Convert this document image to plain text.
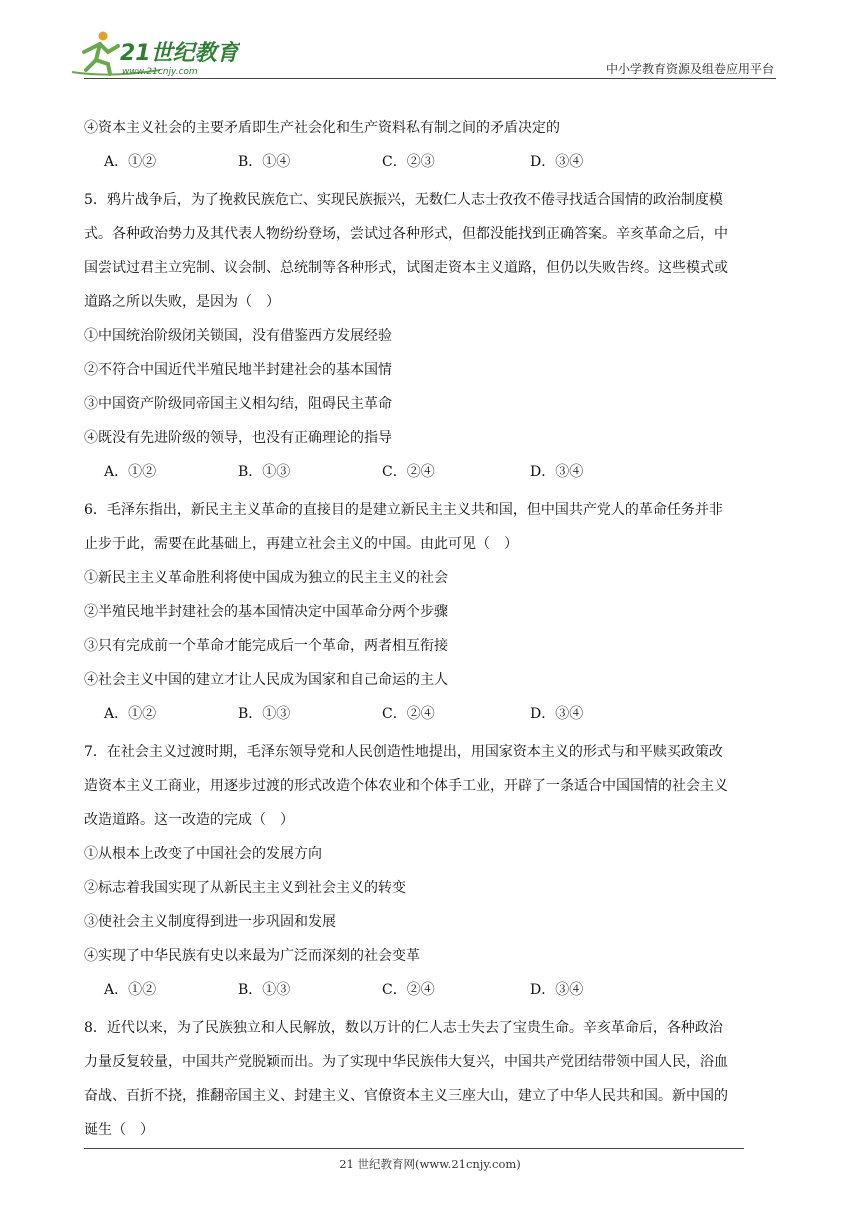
21世纪教育
www.21cnjy.com	中小学教育资源及组卷应用平台
④资本主义社会的主要矛盾即生产社会化和生产资料私有制之间的矛盾决定的
A．①②	B．①④	C．②③	D．③④
5．鸦片战争后，为了挽救民族危亡、实现民族振兴，无数仁人志士孜孜不倦寻找适合国情的政治制度模
式。各种政治势力及其代表人物纷纷登场，尝试过各种形式，但都没能找到正确答案。辛亥革命之后，中
国尝试过君主立宪制、议会制、总统制等各种形式，试图走资本主义道路，但仍以失败告终。这些模式或
道路之所以失败，是因为（　）
①中国统治阶级闭关锁国，没有借鉴西方发展经验
②不符合中国近代半殖民地半封建社会的基本国情
③中国资产阶级同帝国主义相勾结，阻碍民主革命
④既没有先进阶级的领导，也没有正确理论的指导
A．①②	B．①③	C．②④	D．③④
6．毛泽东指出，新民主主义革命的直接目的是建立新民主主义共和国，但中国共产党人的革命任务并非
止步于此，需要在此基础上，再建立社会主义的中国。由此可见（　）
①新民主主义革命胜利将使中国成为独立的民主主义的社会
②半殖民地半封建社会的基本国情决定中国革命分两个步骤
③只有完成前一个革命才能完成后一个革命，两者相互衔接
④社会主义中国的建立才让人民成为国家和自己命运的主人
A．①②	B．①③	C．②④	D．③④
7．在社会主义过渡时期，毛泽东领导党和人民创造性地提出，用国家资本主义的形式与和平赎买政策改
造资本主义工商业，用逐步过渡的形式改造个体农业和个体手工业，开辟了一条适合中国国情的社会主义
改造道路。这一改造的完成（　）
①从根本上改变了中国社会的发展方向
②标志着我国实现了从新民主主义到社会主义的转变
③使社会主义制度得到进一步巩固和发展
④实现了中华民族有史以来最为广泛而深刻的社会变革
A．①②	B．①③	C．②④	D．③④
8．近代以来，为了民族独立和人民解放，数以万计的仁人志士失去了宝贵生命。辛亥革命后，各种政治
力量反复较量，中国共产党脱颖而出。为了实现中华民族伟大复兴，中国共产党团结带领中国人民，浴血
奋战、百折不挠，推翻帝国主义、封建主义、官僚资本主义三座大山，建立了中华人民共和国。新中国的
诞生（　）
21 世纪教育网(www.21cnjy.com)
